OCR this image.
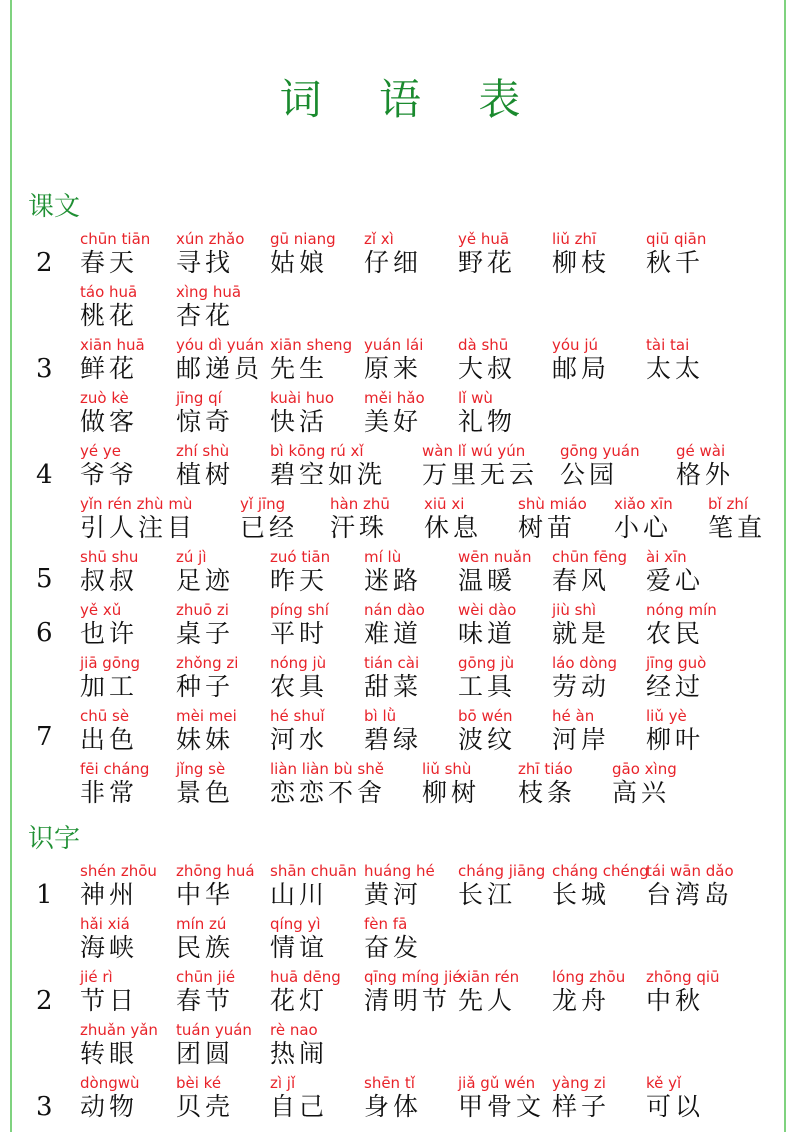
词 语 表
课文
识字
2
3
4
5
6
7
1
2
3
chūn tiān
春天
xún zhǎo
寻找
gū niang
姑娘
zǐ xì
仔细
yě huā
野花
liǔ zhī
柳枝
qiū qiān
秋千
táo huā
桃花
xìng huā
杏花
xiān huā
鲜花
yóu dì yuán
邮递员
xiān sheng
先生
yuán lái
原来
dà shū
大叔
yóu jú
邮局
tài tai
太太
zuò kè
做客
jīng qí
惊奇
kuài huo
快活
měi hǎo
美好
lǐ wù
礼物
yé ye
爷爷
zhí shù
植树
bì kōng rú xǐ
碧空如洗
wàn lǐ wú yún
万里无云
gōng yuán
公园
gé wài
格外
yǐn rén zhù mù
引人注目
yǐ jīng
已经
hàn zhū
汗珠
xiū xi
休息
shù miáo
树苗
xiǎo xīn
小心
bǐ zhí
笔直
shū shu
叔叔
zú jì
足迹
zuó tiān
昨天
mí lù
迷路
wēn nuǎn
温暖
chūn fēng
春风
ài xīn
爱心
yě xǔ
也许
zhuō zi
桌子
píng shí
平时
nán dào
难道
wèi dào
味道
jiù shì
就是
nóng mín
农民
jiā gōng
加工
zhǒng zi
种子
nóng jù
农具
tián cài
甜菜
gōng jù
工具
láo dòng
劳动
jīng guò
经过
chū sè
出色
mèi mei
妹妹
hé shuǐ
河水
bì lǜ
碧绿
bō wén
波纹
hé àn
河岸
liǔ yè
柳叶
fēi cháng
非常
jǐng sè
景色
liàn liàn bù shě
恋恋不舍
liǔ shù
柳树
zhī tiáo
枝条
gāo xìng
高兴
shén zhōu
神州
zhōng huá
中华
shān chuān
山川
huáng hé
黄河
cháng jiāng
长江
cháng chéng
长城
tái wān dǎo
台湾岛
hǎi xiá
海峡
mín zú
民族
qíng yì
情谊
fèn fā
奋发
jié rì
节日
chūn jié
春节
huā dēng
花灯
qīng míng jié
清明节
xiān rén
先人
lóng zhōu
龙舟
zhōng qiū
中秋
zhuǎn yǎn
转眼
tuán yuán
团圆
rè nao
热闹
dòngwù
动物
bèi ké
贝壳
zì jǐ
自己
shēn tǐ
身体
jiǎ gǔ wén
甲骨文
yàng zi
样子
kě yǐ
可以
